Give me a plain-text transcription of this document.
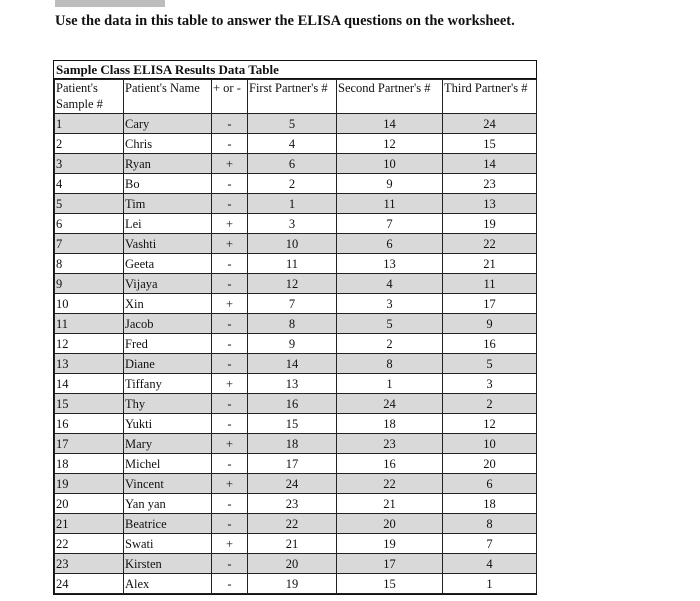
Use the data in this table to answer the ELISA questions on the worksheet.
Sample Class ELISA Results Data Table
Patient's Sample #	Patient's Name	+ or -	First Partner's #	Second Partner's #	Third Partner's #
1	Cary	-	5	14	24
2	Chris	-	4	12	15
3	Ryan	+	6	10	14
4	Bo	-	2	9	23
5	Tim	-	1	11	13
6	Lei	+	3	7	19
7	Vashti	+	10	6	22
8	Geeta	-	11	13	21
9	Vijaya	-	12	4	11
10	Xin	+	7	3	17
11	Jacob	-	8	5	9
12	Fred	-	9	2	16
13	Diane	-	14	8	5
14	Tiffany	+	13	1	3
15	Thy	-	16	24	2
16	Yukti	-	15	18	12
17	Mary	+	18	23	10
18	Michel	-	17	16	20
19	Vincent	+	24	22	6
20	Yan yan	-	23	21	18
21	Beatrice	-	22	20	8
22	Swati	+	21	19	7
23	Kirsten	-	20	17	4
24	Alex	-	19	15	1
